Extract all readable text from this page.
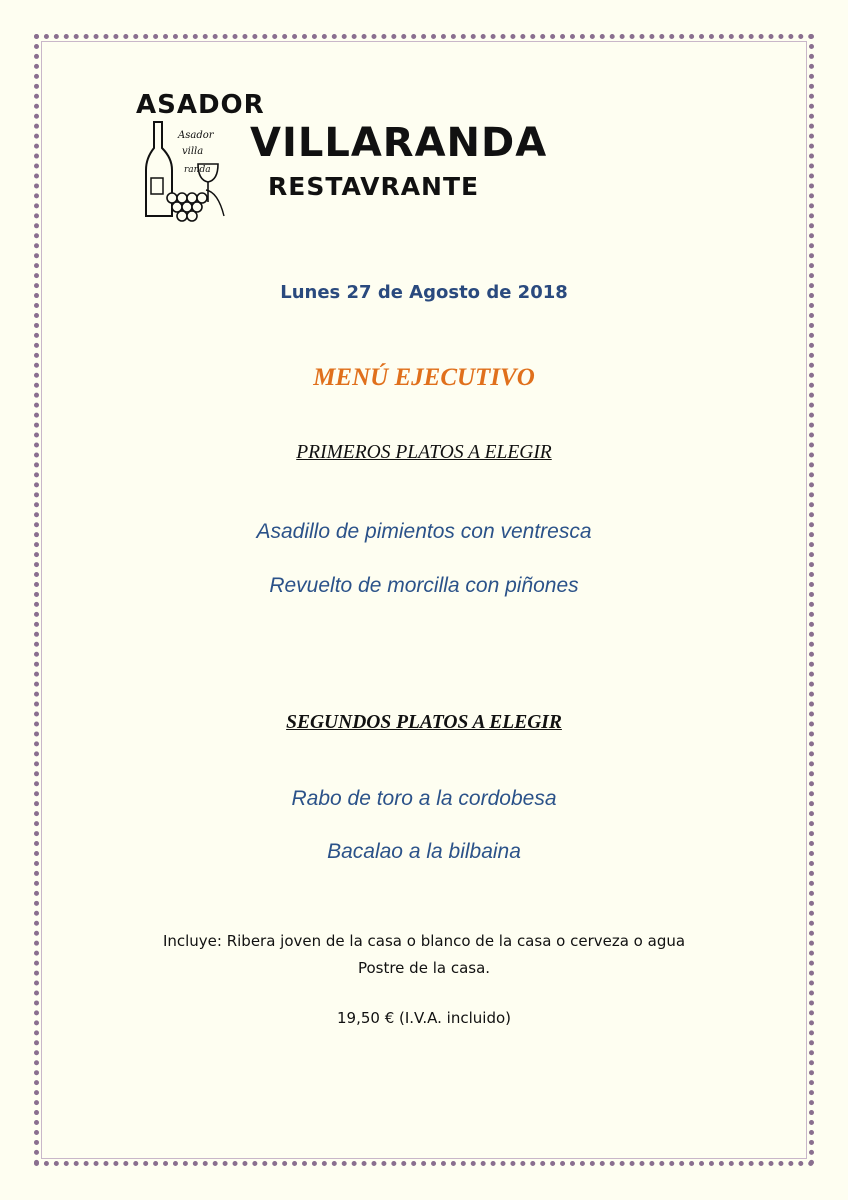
Asador
villa
randa
ASADOR
VILLARANDA
RESTAVRANTE
Lunes 27 de Agosto de 2018
MENÚ EJECUTIVO
PRIMEROS PLATOS A ELEGIR
Asadillo de pimientos con ventresca
Revuelto de morcilla con piñones
SEGUNDOS PLATOS A ELEGIR
Rabo de toro a la cordobesa
Bacalao a la bilbaina
Incluye: Ribera joven de la casa o blanco de la casa o cerveza o agua
Postre de la casa.
19,50 € (I.V.A. incluido)
